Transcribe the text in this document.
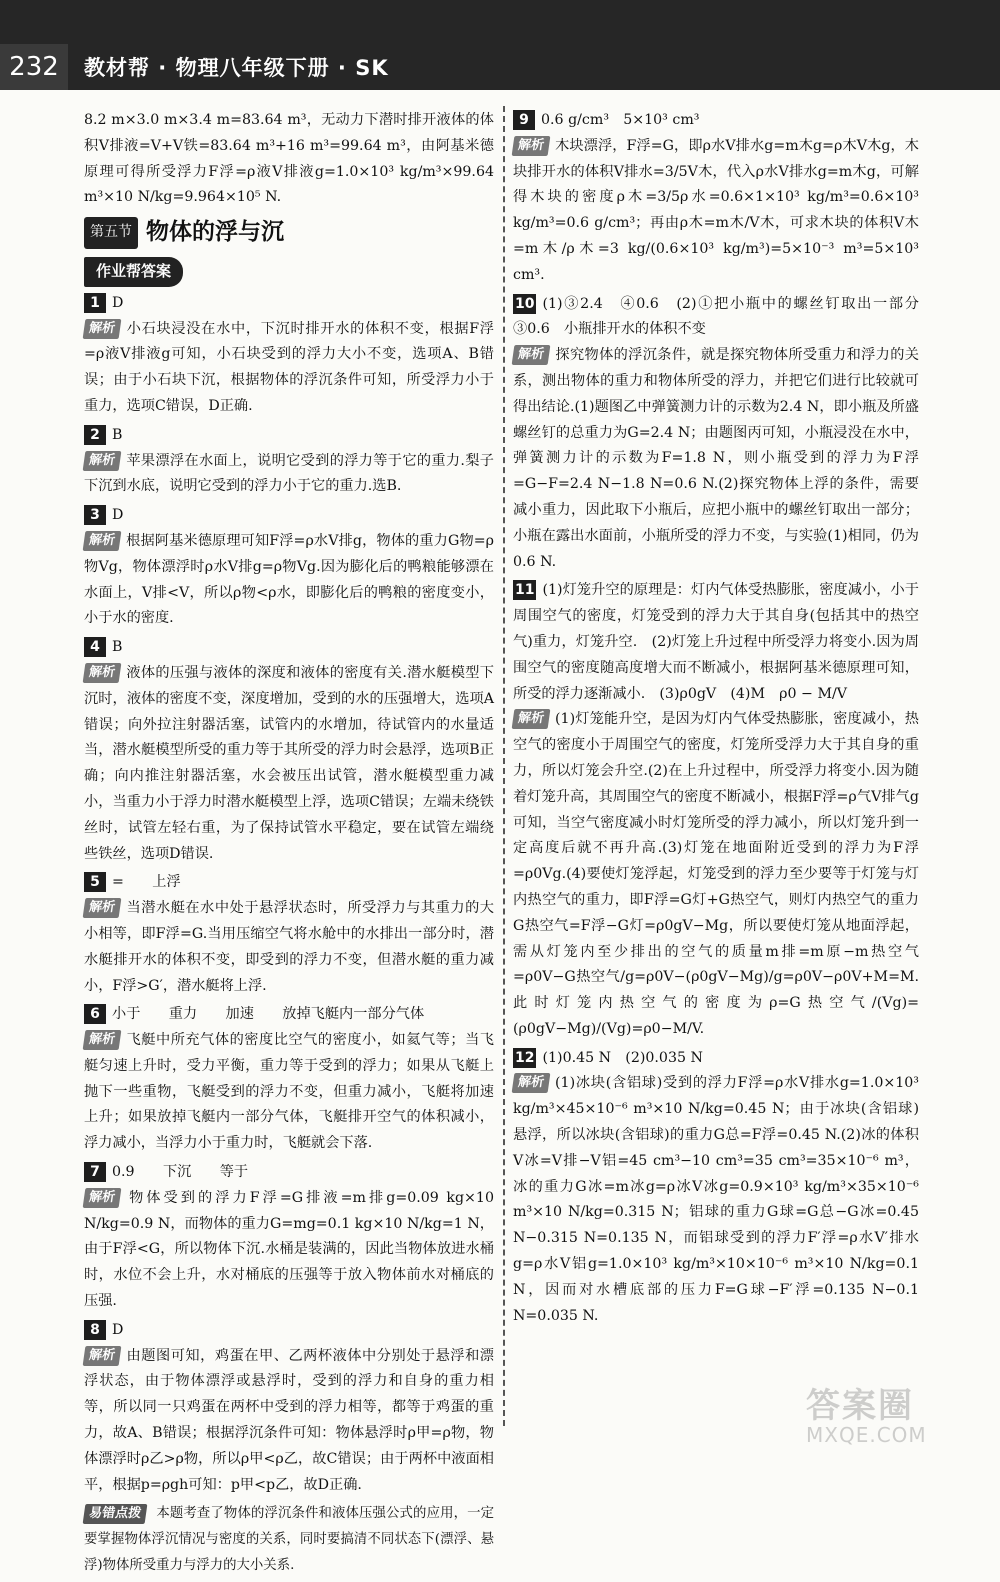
232	教材帮 · 物理八年级下册 · SK
8.2 m×3.0 m×3.4 m=83.64 m³，无动力下潜时排开液体的体积V排液=V+V铁=83.64 m³+16 m³=99.64 m³，由阿基米德原理可得所受浮力F浮=ρ液V排液g=1.0×10³ kg/m³×99.64 m³×10 N/kg=9.964×10⁵ N.
第五节 物体的浮与沉
作业帮答案
1 D
解析 小石块浸没在水中，下沉时排开水的体积不变，根据F浮=ρ液V排液g可知，小石块受到的浮力大小不变，选项A、B错误；由于小石块下沉，根据物体的浮沉条件可知，所受浮力小于重力，选项C错误，D正确.
2 B
解析 苹果漂浮在水面上，说明它受到的浮力等于它的重力.梨子下沉到水底，说明它受到的浮力小于它的重力.选B.
3 D
解析 根据阿基米德原理可知F浮=ρ水V排g，物体的重力G物=ρ物Vg，物体漂浮时ρ水V排g=ρ物Vg.因为膨化后的鸭粮能够漂在水面上，V排<V，所以ρ物<ρ水，即膨化后的鸭粮的密度变小，小于水的密度.
4 B
解析 液体的压强与液体的深度和液体的密度有关.潜水艇模型下沉时，液体的密度不变，深度增加，受到的水的压强增大，选项A错误；向外拉注射器活塞，试管内的水增加，待试管内的水量适当，潜水艇模型所受的重力等于其所受的浮力时会悬浮，选项B正确；向内推注射器活塞，水会被压出试管，潜水艇模型重力减小，当重力小于浮力时潜水艇模型上浮，选项C错误；左端未绕铁丝时，试管左轻右重，为了保持试管水平稳定，要在试管左端绕些铁丝，选项D错误.
5 =　　上浮
解析 当潜水艇在水中处于悬浮状态时，所受浮力与其重力的大小相等，即F浮=G.当用压缩空气将水舱中的水排出一部分时，潜水艇排开水的体积不变，即受到的浮力不变，但潜水艇的重力减小，F浮>G′，潜水艇将上浮.
6 小于　　重力　　加速　　放掉飞艇内一部分气体
解析 飞艇中所充气体的密度比空气的密度小，如氦气等；当飞艇匀速上升时，受力平衡，重力等于受到的浮力；如果从飞艇上抛下一些重物，飞艇受到的浮力不变，但重力减小，飞艇将加速上升；如果放掉飞艇内一部分气体，飞艇排开空气的体积减小，浮力减小，当浮力小于重力时，飞艇就会下落.
7 0.9　　下沉　　等于
解析 物体受到的浮力F浮=G排液=m排g=0.09 kg×10 N/kg=0.9 N，而物体的重力G=mg=0.1 kg×10 N/kg=1 N，由于F浮<G，所以物体下沉.水桶是装满的，因此当物体放进水桶时，水位不会上升，水对桶底的压强等于放入物体前水对桶底的压强.
8 D
解析 由题图可知，鸡蛋在甲、乙两杯液体中分别处于悬浮和漂浮状态，由于物体漂浮或悬浮时，受到的浮力和自身的重力相等，所以同一只鸡蛋在两杯中受到的浮力相等，都等于鸡蛋的重力，故A、B错误；根据浮沉条件可知：物体悬浮时ρ甲=ρ物，物体漂浮时ρ乙>ρ物，所以ρ甲<ρ乙，故C错误；由于两杯中液面相平，根据p=ρgh可知：p甲<p乙，故D正确.
易错点拨 本题考查了物体的浮沉条件和液体压强公式的应用，一定要掌握物体浮沉情况与密度的关系，同时要搞清不同状态下(漂浮、悬浮)物体所受重力与浮力的大小关系.
9 0.6 g/cm³　5×10³ cm³
解析 木块漂浮，F浮=G，即ρ水V排水g=m木g=ρ木V木g，木块排开水的体积V排水=3/5V木，代入ρ水V排水g=m木g，可解得木块的密度ρ木=3/5ρ水=0.6×1×10³ kg/m³=0.6×10³ kg/m³=0.6 g/cm³；再由ρ木=m木/V木，可求木块的体积V木=m木/ρ木=3 kg/(0.6×10³ kg/m³)=5×10⁻³ m³=5×10³ cm³.
10 (1)③2.4　④0.6　(2)①把小瓶中的螺丝钉取出一部分　③0.6　小瓶排开水的体积不变
解析 探究物体的浮沉条件，就是探究物体所受重力和浮力的关系，测出物体的重力和物体所受的浮力，并把它们进行比较就可得出结论.(1)题图乙中弹簧测力计的示数为2.4 N，即小瓶及所盛螺丝钉的总重力为G=2.4 N；由题图丙可知，小瓶浸没在水中，弹簧测力计的示数为F=1.8 N，则小瓶受到的浮力为F浮=G−F=2.4 N−1.8 N=0.6 N.(2)探究物体上浮的条件，需要减小重力，因此取下小瓶后，应把小瓶中的螺丝钉取出一部分；小瓶在露出水面前，小瓶所受的浮力不变，与实验(1)相同，仍为0.6 N.
11 (1)灯笼升空的原理是：灯内气体受热膨胀，密度减小，小于周围空气的密度，灯笼受到的浮力大于其自身(包括其中的热空气)重力，灯笼升空.　(2)灯笼上升过程中所受浮力将变小.因为周围空气的密度随高度增大而不断减小，根据阿基米德原理可知，所受的浮力逐渐减小.　(3)ρ0gV　(4)M　ρ0 − M/V
解析 (1)灯笼能升空，是因为灯内气体受热膨胀，密度减小，热空气的密度小于周围空气的密度，灯笼所受浮力大于其自身的重力，所以灯笼会升空.(2)在上升过程中，所受浮力将变小.因为随着灯笼升高，其周围空气的密度不断减小，根据F浮=ρ气V排气g可知，当空气密度减小时灯笼所受的浮力减小，所以灯笼升到一定高度后就不再升高.(3)灯笼在地面附近受到的浮力为F浮=ρ0Vg.(4)要使灯笼浮起，灯笼受到的浮力至少要等于灯笼与灯内热空气的重力，即F浮=G灯+G热空气，则灯内热空气的重力G热空气=F浮−G灯=ρ0gV−Mg，所以要使灯笼从地面浮起，需从灯笼内至少排出的空气的质量m排=m原−m热空气=ρ0V−G热空气/g=ρ0V−(ρ0gV−Mg)/g=ρ0V−ρ0V+M=M.此时灯笼内热空气的密度为ρ=G热空气/(Vg)=(ρ0gV−Mg)/(Vg)=ρ0−M/V.
12 (1)0.45 N　(2)0.035 N
解析 (1)冰块(含铝球)受到的浮力F浮=ρ水V排水g=1.0×10³ kg/m³×45×10⁻⁶ m³×10 N/kg=0.45 N；由于冰块(含铝球)悬浮，所以冰块(含铝球)的重力G总=F浮=0.45 N.(2)冰的体积V冰=V排−V铝=45 cm³−10 cm³=35 cm³=35×10⁻⁶ m³，冰的重力G冰=m冰g=ρ冰V冰g=0.9×10³ kg/m³×35×10⁻⁶ m³×10 N/kg=0.315 N；铝球的重力G球=G总−G冰=0.45 N−0.315 N=0.135 N，而铝球受到的浮力F′浮=ρ水V′排水g=ρ水V铝g=1.0×10³ kg/m³×10×10⁻⁶ m³×10 N/kg=0.1 N，因而对水槽底部的压力F=G球−F′浮=0.135 N−0.1 N=0.035 N.
答案圈
MXQE.COM
